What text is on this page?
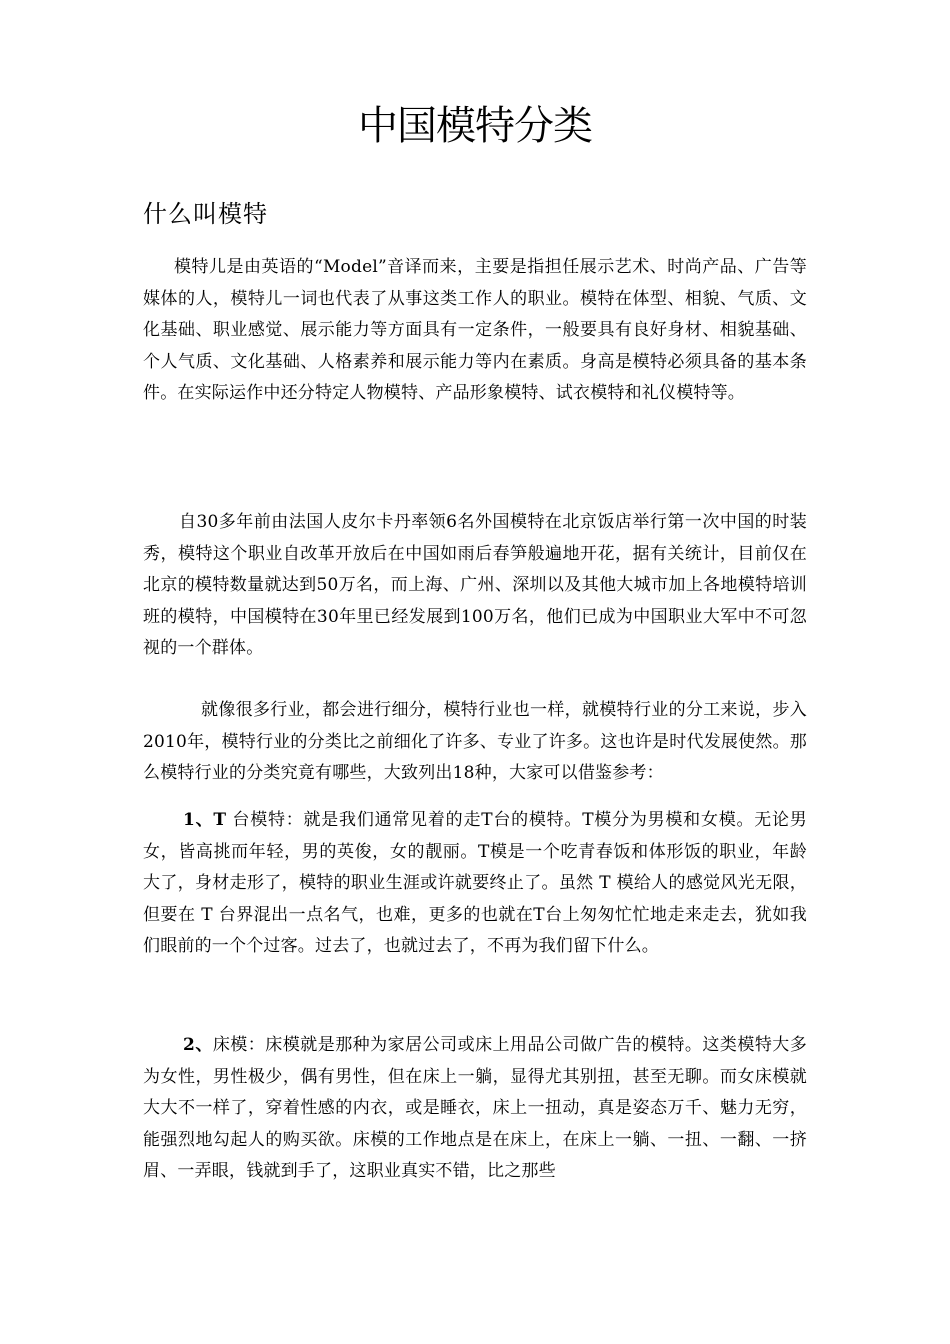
中国模特分类
什么叫模特

模特儿是由英语的“Model”音译而来，主要是指担任展示艺术、时尚产品、广告等媒体的人，模特儿一词也代表了从事这类工作人的职业。模特在体型、相貌、气质、文化基础、职业感觉、展示能力等方面具有一定条件，一般要具有良好身材、相貌基础、个人气质、文化基础、人格素养和展示能力等内在素质。身高是模特必须具备的基本条件。在实际运作中还分特定人物模特、产品形象模特、试衣模特和礼仪模特等。

自30多年前由法国人皮尔卡丹率领6名外国模特在北京饭店举行第一次中国的时装秀，模特这个职业自改革开放后在中国如雨后春笋般遍地开花，据有关统计，目前仅在北京的模特数量就达到50万名，而上海、广州、深圳以及其他大城市加上各地模特培训班的模特，中国模特在30年里已经发展到100万名，他们已成为中国职业大军中不可忽视的一个群体。

就像很多行业，都会进行细分，模特行业也一样，就模特行业的分工来说，步入2010年，模特行业的分类比之前细化了许多、专业了许多。这也许是时代发展使然。那么模特行业的分类究竟有哪些，大致列出18种，大家可以借鉴参考：

1、T 台模特：就是我们通常见着的走T台的模特。T模分为男模和女模。无论男女，皆高挑而年轻，男的英俊，女的靓丽。T模是一个吃青春饭和体形饭的职业，年龄大了，身材走形了，模特的职业生涯或许就要终止了。虽然 T 模给人的感觉风光无限，但要在 T 台界混出一点名气，也难，更多的也就在T台上匆匆忙忙地走来走去，犹如我们眼前的一个个过客。过去了，也就过去了，不再为我们留下什么。

2、床模：床模就是那种为家居公司或床上用品公司做广告的模特。这类模特大多为女性，男性极少，偶有男性，但在床上一躺，显得尤其别扭，甚至无聊。而女床模就大大不一样了，穿着性感的内衣，或是睡衣，床上一扭动，真是姿态万千、魅力无穷，能强烈地勾起人的购买欲。床模的工作地点是在床上，在床上一躺、一扭、一翻、一挤眉、一弄眼，钱就到手了，这职业真实不错，比之那些
